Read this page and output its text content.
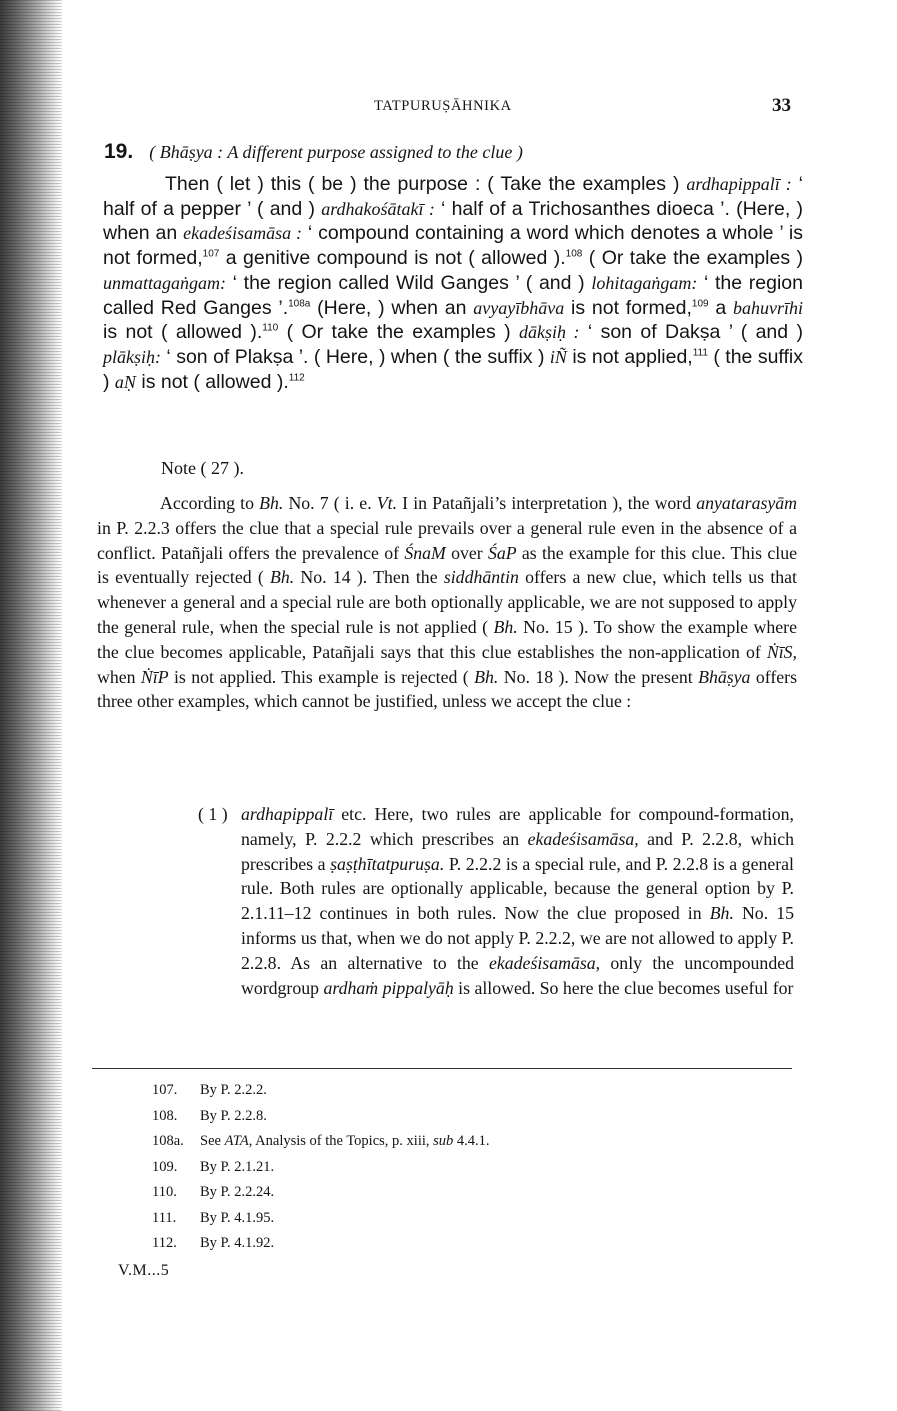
TATPURUṢĀHNIKA	33
19. ( Bhāṣya : A different purpose assigned to the clue )

Then ( let ) this ( be ) the purpose : ( Take the examples ) ardhapippalī : ‘ half of a pepper ’ ( and ) ardhakośātakī : ‘ half of a Trichosanthes dioeca ’. (Here, ) when an ekadeśisamāsa : ‘ compound containing a word which denotes a whole ’ is not formed,$^{107}$ a genitive compound is not ( allowed ).$^{108}$ ( Or take the examples ) unmattagaṅgam: ‘ the region called Wild Ganges ’ ( and ) lohitagaṅgam: ‘ the region called Red Ganges ’.$^{108a}$ (Here, ) when an avyayībhāva is not formed,$^{109}$ a bahuvrīhi is not ( allowed ).$^{110}$ ( Or take the examples ) dākṣiḥ : ‘ son of Dakṣa ’ ( and ) plākṣiḥ: ‘ son of Plakṣa ’. ( Here, ) when ( the suffix ) iÑ is not applied,$^{111}$ ( the suffix ) aṆ is not ( allowed ).$^{112}$

Note ( 27 ).

According to Bh. No. 7 ( i. e. Vt. I in Patañjali’s interpretation ), the word anyatarasyām in P. 2.2.3 offers the clue that a special rule prevails over a general rule even in the absence of a conflict. Patañjali offers the prevalence of ŚnaM over ŚaP as the example for this clue. This clue is eventually rejected ( Bh. No. 14 ). Then the siddhāntin offers a new clue, which tells us that whenever a general and a special rule are both optionally applicable, we are not supposed to apply the general rule, when the special rule is not applied ( Bh. No. 15 ). To show the example where the clue becomes applicable, Patañjali says that this clue establishes the non-application of ṄīS, when ṄīP is not applied. This example is rejected ( Bh. No. 18 ). Now the present Bhāṣya offers three other examples, which cannot be justified, unless we accept the clue :

( 1 ) ardhapippalī etc. Here, two rules are applicable for compound-formation, namely, P. 2.2.2 which prescribes an ekadeśisamāsa, and P. 2.2.8, which prescribes a ṣaṣṭhītatpuruṣa. P. 2.2.2 is a special rule, and P. 2.2.8 is a general rule. Both rules are optionally applicable, because the general option by P. 2.1.11–12 continues in both rules. Now the clue proposed in Bh. No. 15 informs us that, when we do not apply P. 2.2.2, we are not allowed to apply P. 2.2.8. As an alternative to the ekadeśisamāsa, only the uncompounded wordgroup ardhaṁ pippalyāḥ is allowed. So here the clue becomes useful for

107. By P. 2.2.2.
108. By P. 2.2.8.
108a. See ATA, Analysis of the Topics, p. xiii, sub 4.4.1.
109. By P. 2.1.21.
110. By P. 2.2.24.
111. By P. 4.1.95.
112. By P. 4.1.92.
V.M...5
